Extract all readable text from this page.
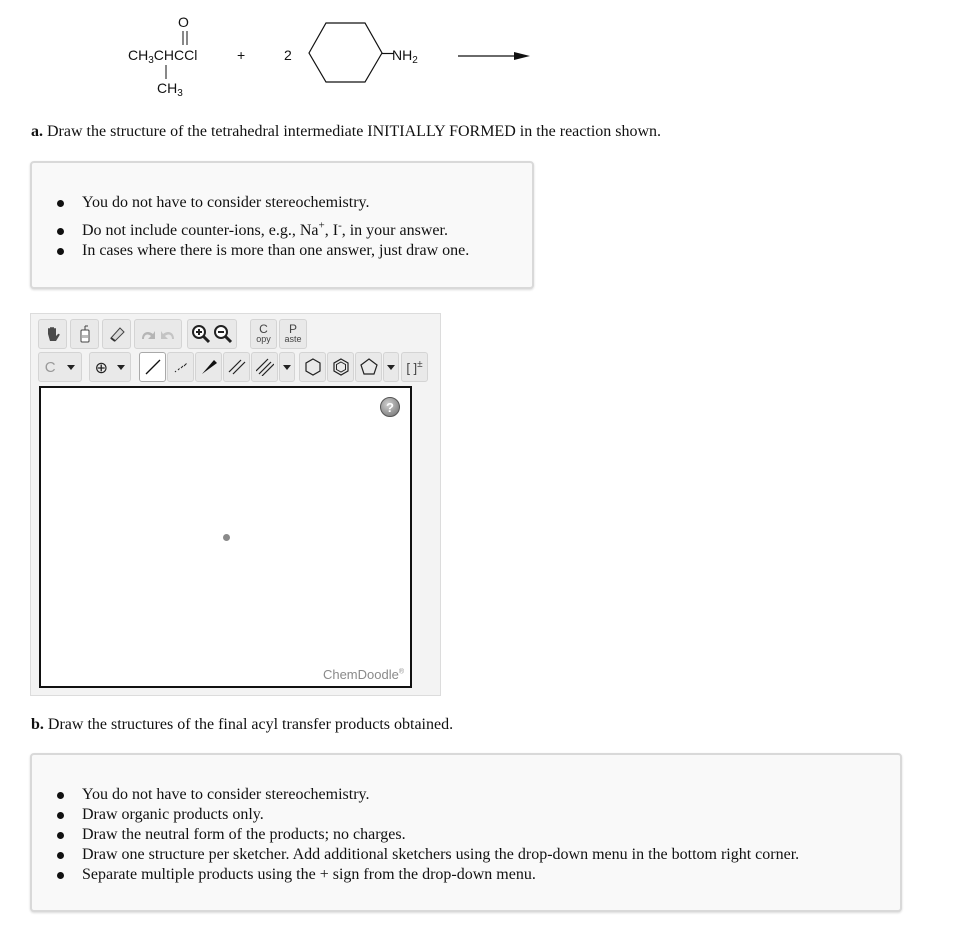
O
$CH_3CHCCl$
$CH_3$
+	2	$NH_2$
a. Draw the structure of the tetrahedral intermediate INITIALLY FORMED in the reaction shown.
You do not have to consider stereochemistry.
Do not include counter-ions, e.g., Na+, I-, in your answer.
In cases where there is more than one answer, just draw one.
C
opy
P
aste
C ⊕	[ ]±
?
ChemDoodle®
b. Draw the structures of the final acyl transfer products obtained.
You do not have to consider stereochemistry.
Draw organic products only.
Draw the neutral form of the products; no charges.
Draw one structure per sketcher. Add additional sketchers using the drop-down menu in the bottom right corner.
Separate multiple products using the + sign from the drop-down menu.
